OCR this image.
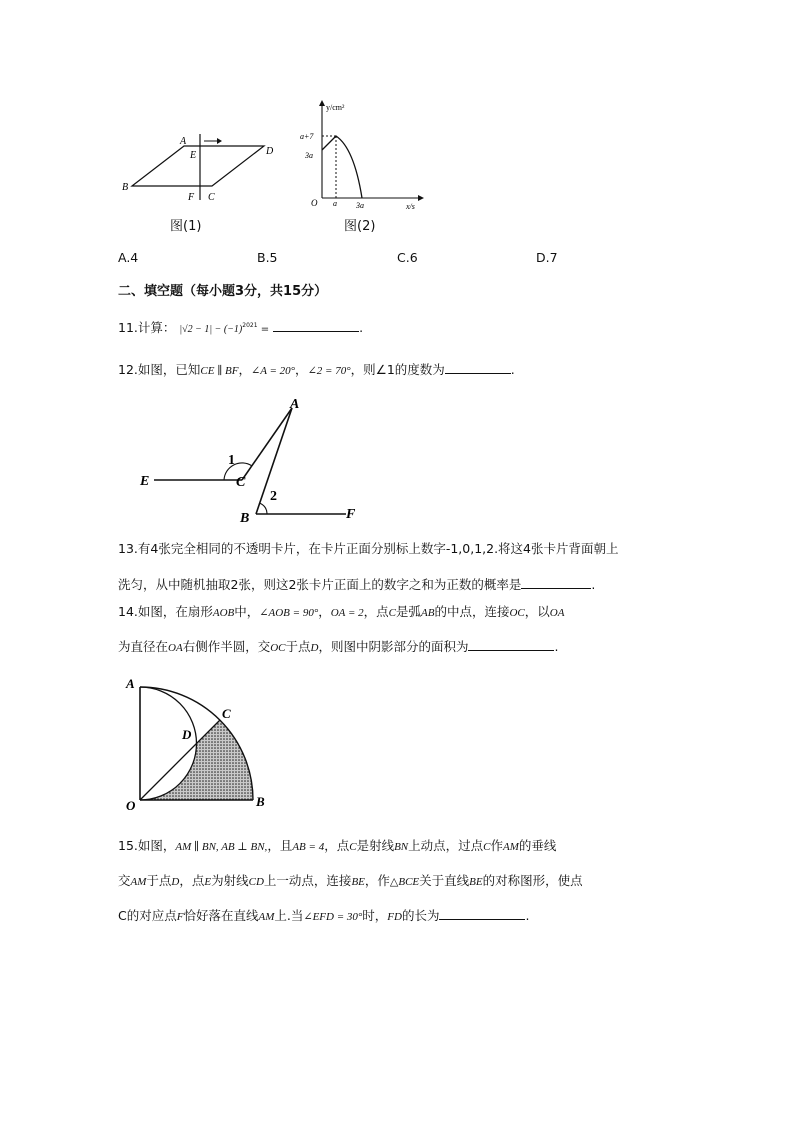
A
E	D
B
F C
图(1)
y/cm²
a+7
3a
O a 3a	x/s
图(2)
A.4	B.5	C.6	D.7
二、填空题（每小题3分，共15分）
11.计算： $|√2 - 1| - (-1)^{2021}$ =	.
12.如图，已知CE ∥ BF，∠A = 20°，∠2 = 70°，则∠1的度数为	.
A
E	C
1
2
B	F
13.有4张完全相同的不透明卡片，在卡片正面分别标上数字-1,0,1,2.将这4张卡片背面朝上
洗匀，从中随机抽取2张，则这2张卡片正面上的数字之和为正数的概率是	.
14.如图，在扇形AOB中，∠AOB = 90°，OA = 2，点C是弧AB的中点，连接OC，以OA
为直径在OA右侧作半圆，交OC于点D，则图中阴影部分的面积为	.
A
C
D
O	B
15.如图，AM ∥ BN, AB ⊥ BN,，且AB = 4，点C是射线BN上动点，过点C作AM的垂线
交AM于点D，点E为射线CD上一动点，连接BE，作△BCE关于直线BE的对称图形，使点
C的对应点F恰好落在直线AM上.当∠EFD = 30°时，FD的长为	.
